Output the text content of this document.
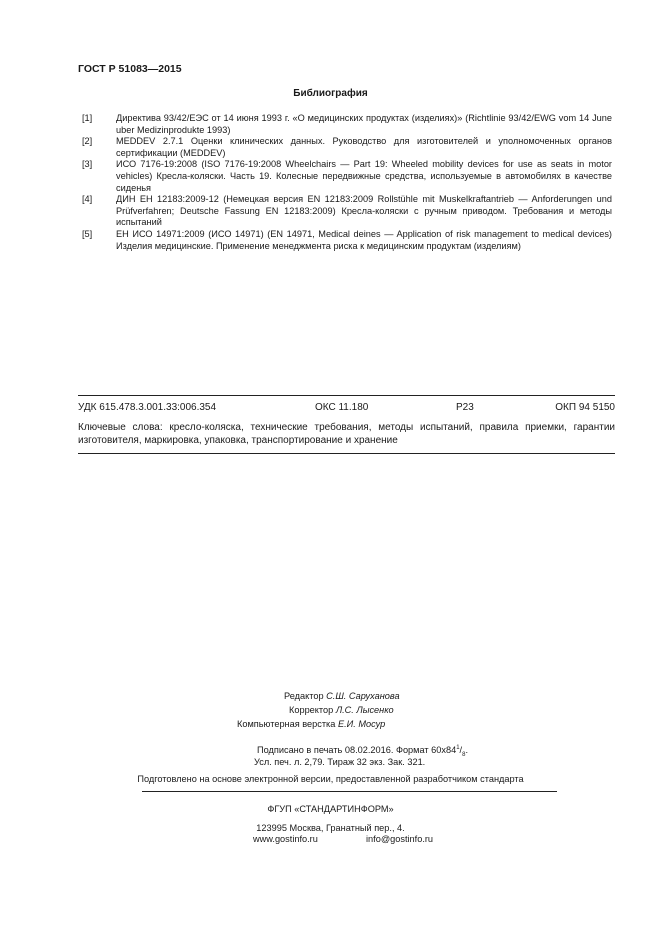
ГОСТ Р 51083—2015
Библиография
[1]	Директива 93/42/ЕЭС от 14 июня 1993 г. «О медицинских продуктах (изделиях)» (Richtlinie 93/42/EWG vom 14 June uber Medizinprodukte 1993)
[2]	MEDDEV 2.7.1 Оценки клинических данных. Руководство для изготовителей и уполномоченных органов сертификации (MEDDEV)
[3]	ИСО 7176-19:2008 (ISO 7176-19:2008 Wheelchairs — Part 19: Wheeled mobility devices for use as seats in motor vehicles) Кресла-коляски. Часть 19. Колесные передвижные средства, используемые в автомобилях в качестве сиденья
[4]	ДИН ЕН 12183:2009-12 (Немецкая версия EN 12183:2009 Rollstühle mit Muskelkraftantrieb — Anforderungen und Prüfverfahren; Deutsche Fassung EN 12183:2009) Кресла-коляски с ручным приводом. Требования и методы испытаний
[5]	ЕН ИСО 14971:2009 (ИСО 14971) (EN 14971, Medical deines — Application of risk management to medical devices) Изделия медицинские. Применение менеджмента риска к медицинским продуктам (изделиям)
УДК 615.478.3.001.33:006.354	ОКС 11.180	Р23	ОКП 94 5150
Ключевые слова: кресло-коляска, технические требования, методы испытаний, правила приемки, гарантии изготовителя, маркировка, упаковка, транспортирование и хранение
Редактор С.Ш. Саруханова
Корректор Л.С. Лысенко
Компьютерная верстка Е.И. Мосур
Подписано в печать 08.02.2016. Формат $60х84^1/_8$.
Усл. печ. л. 2,79. Тираж 32 экз. Зак. 321.
Подготовлено на основе электронной версии, предоставленной разработчиком стандарта
ФГУП «СТАНДАРТИНФОРМ»
123995 Москва, Гранатный пер., 4.
www.gostinfo.ru	info@gostinfo.ru
